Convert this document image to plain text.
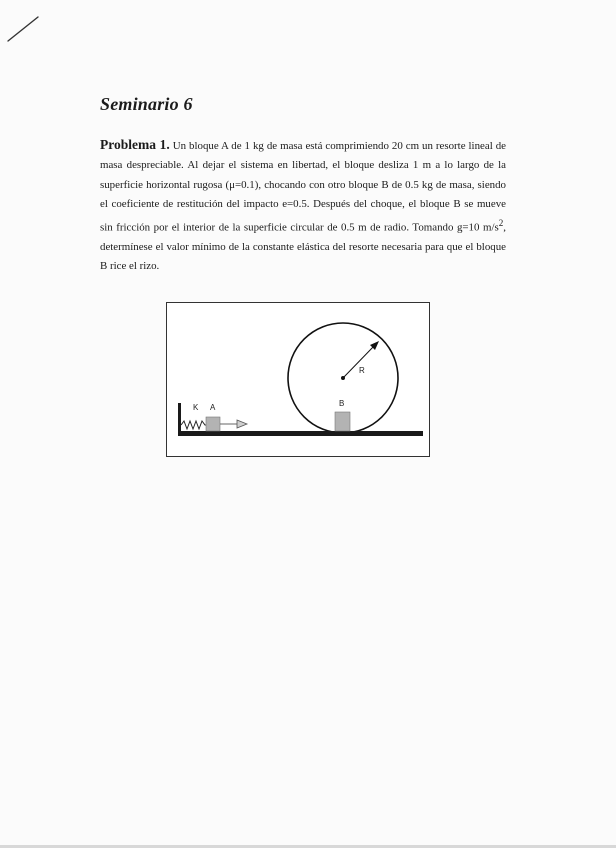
Seminario 6

Problema 1. Un bloque A de 1 kg de masa está comprimiendo 20 cm un resorte lineal de masa despreciable. Al dejar el sistema en libertad, el bloque desliza 1 m a lo largo de la superficie horizontal rugosa (μ=0.1), chocando con otro bloque B de 0.5 kg de masa, siendo el coeficiente de restitución del impacto e=0.5. Después del choque, el bloque B se mueve sin fricción por el interior de la superficie circular de 0.5 m de radio. Tomando g=10 $m/s^2$, determínese el valor mínimo de la constante elástica del resorte necesaria para que el bloque B rice el rizo.

K A	B
R
